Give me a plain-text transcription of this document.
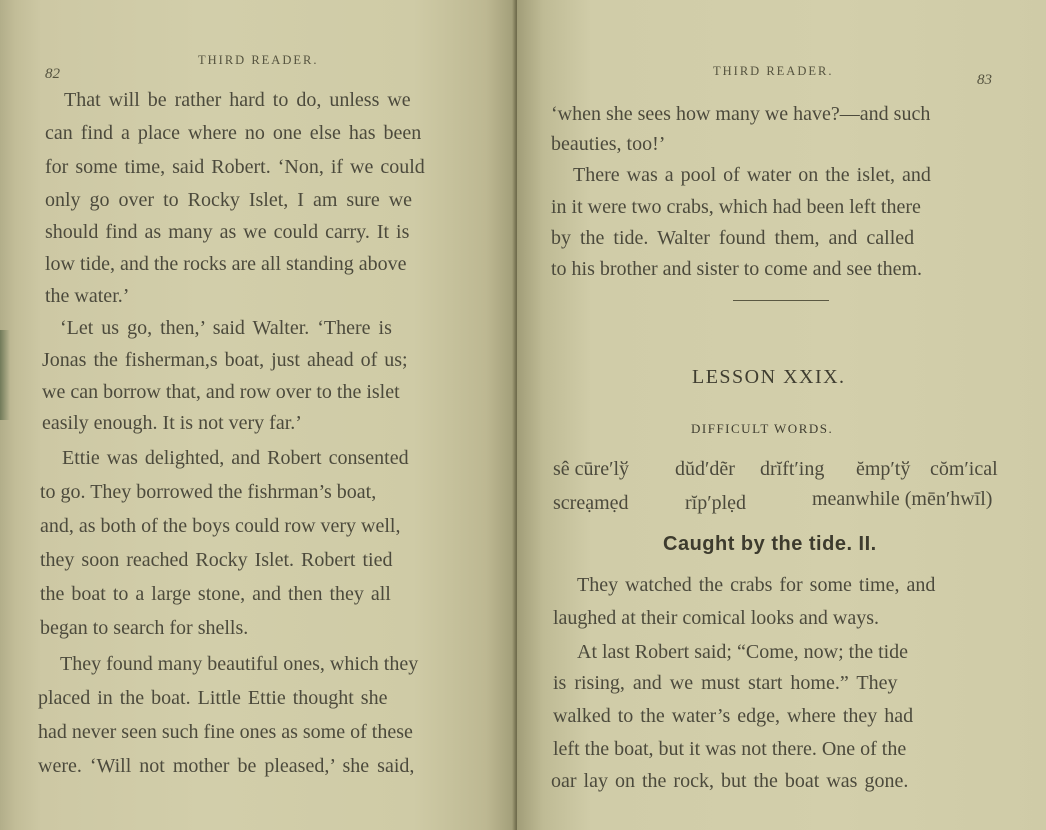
82
THIRD READER.
That will be rather hard to do, unless we
can find a place where no one else has been
for some time, said Robert. ‘Non, if we could
only go over to Rocky Islet, I am sure we
should find as many as we could carry. It is
low tide, and the rocks are all standing above
the water.’
‘Let us go, then,’ said Walter. ‘There is
Jonas the fisherman,s boat, just ahead of us;
we can borrow that, and row over to the islet
easily enough. It is not very far.’
Ettie was delighted, and Robert consented
to go. They borrowed the fishrman’s boat,
and, as both of the boys could row very well,
they soon reached Rocky Islet. Robert tied
the boat to a large stone, and then they all
began to search for shells.
They found many beautiful ones, which they
placed in the boat. Little Ettie thought she
had never seen such fine ones as some of these
were. ‘Will not mother be pleased,’ she said,
THIRD READER.
83
‘when she sees how many we have?—and such
beauties, too!’
There was a pool of water on the islet, and
in it were two crabs, which had been left there
by the tide. Walter found them, and called
to his brother and sister to come and see them.
LESSON XXIX.
DIFFICULT WORDS.
sê cūre′lў dŭd′dẽr drĭft′ing ĕmp′tў cŏm′ical
screạmẹd	rĭp′plẹd	meanwhile (mēn′hwīl)
Caught by the tide. II.
They watched the crabs for some time, and
laughed at their comical looks and ways.
At last Robert said; “Come, now; the tide
is rising, and we must start home.” They
walked to the water’s edge, where they had
left the boat, but it was not there. One of the
oar lay on the rock, but the boat was gone.
